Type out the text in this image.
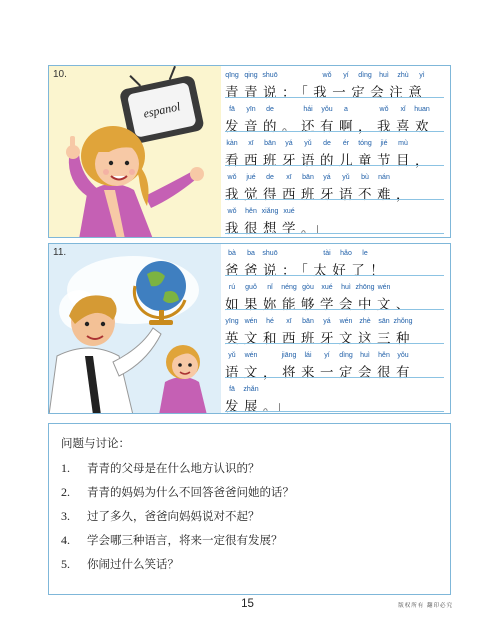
10.
espanol
qīng qing shuō	wǒ yí dìng huì zhù yì
青青说：「我一定会注意
fā yīn de	hái yǒu a	wǒ xǐ huan
发音的。还有啊，我喜欢
kàn xī bān yá yǔ de ér tóng jié mù
看西班牙语的儿童节目，
wǒ jué de xī bān yá yǔ bù nán
我觉得西班牙语不难，
wǒ hěn xiǎng xué
我很想学。」
11.	bà ba shuō	tài hǎo le
爸爸说：「太好了！
rú guǒ nǐ néng gòu xué huì zhōng wén
如果妳能够学会中文、
yīng wén hé xī bān yá wén zhè sān zhǒng
英文和西班牙文这三种
yǔ wén	jiāng lái yí dìng huì hěn yǒu
语文，将来一定会很有
fā zhǎn
发展。」
问题与讨论：
1. 青青的父母是在什么地方认识的？
2. 青青的妈妈为什么不回答爸爸问她的话？
3. 过了多久，爸爸向妈妈说对不起？
4. 学会哪三种语言，将来一定很有发展？
5. 你闹过什么笑话？
15	版权所有 翻印必究
